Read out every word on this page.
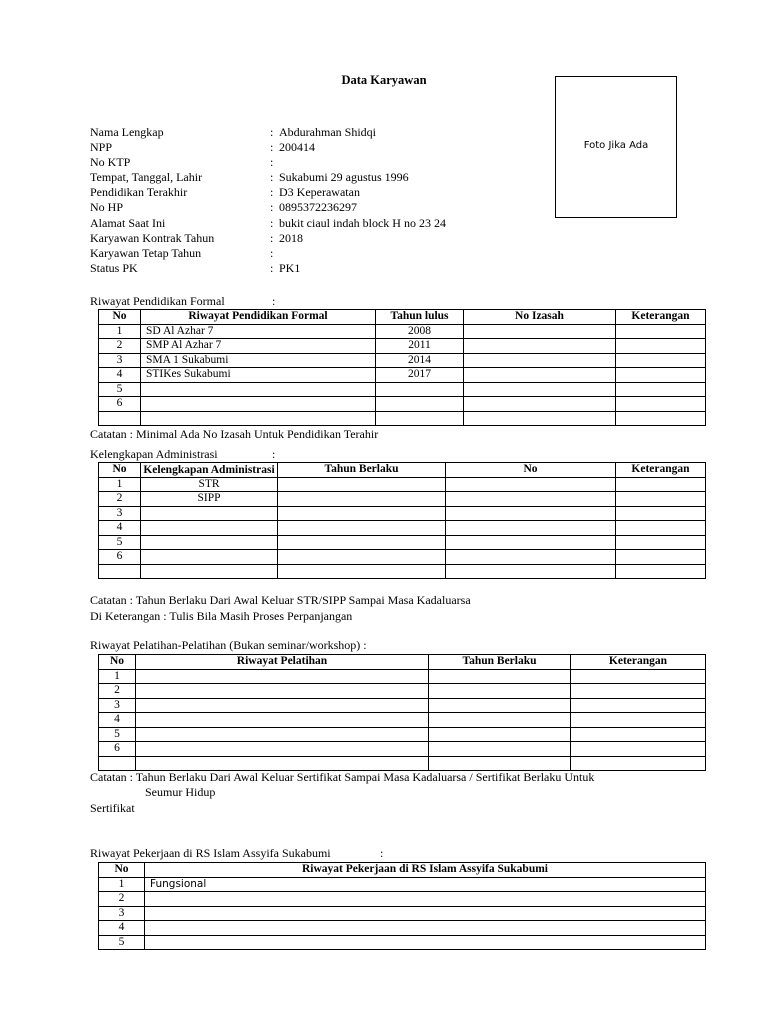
Data Karyawan
Foto Jika Ada
Nama Lengkap	: Abdurahman Shidqi
NPP	: 200414
No KTP	:
Tempat, Tanggal, Lahir	: Sukabumi 29 agustus 1996
Pendidikan Terakhir	: D3 Keperawatan
No HP	: 0895372236297
Alamat Saat Ini	: bukit ciaul indah block H no 23 24
Karyawan Kontrak Tahun	: 2018
Karyawan Tetap Tahun	:
Status PK	: PK1
Riwayat Pendidikan Formal	:
No	Riwayat Pendidikan Formal	Tahun lulus	No Izasah	Keterangan
1	SD Al Azhar 7	2008		
2	SMP Al Azhar 7	2011		
3	SMA 1 Sukabumi	2014		
4	STIKes Sukabumi	2017		
5				
6				

Catatan : Minimal Ada No Izasah Untuk Pendidikan Terahir
Kelengkapan Administrasi	:
No	Kelengkapan Administrasi	Tahun Berlaku	No	Keterangan
1	STR			
2	SIPP			
3				
4				
5				
6				

Catatan : Tahun Berlaku Dari Awal Keluar STR/SIPP Sampai Masa Kadaluarsa
Di Keterangan : Tulis Bila Masih Proses Perpanjangan
Riwayat Pelatihan-Pelatihan (Bukan seminar/workshop) :
No	Riwayat Pelatihan	Tahun Berlaku	Keterangan
1			
2			
3			
4			
5			
6			

Catatan : Tahun Berlaku Dari Awal Keluar Sertifikat Sampai Masa Kadaluarsa / Sertifikat Berlaku Untuk
Seumur Hidup
Sertifikat
Riwayat Pekerjaan di RS Islam Assyifa Sukabumi	:
No	Riwayat Pekerjaan di RS Islam Assyifa Sukabumi
1	Fungsional
2	
3	
4	
5	
